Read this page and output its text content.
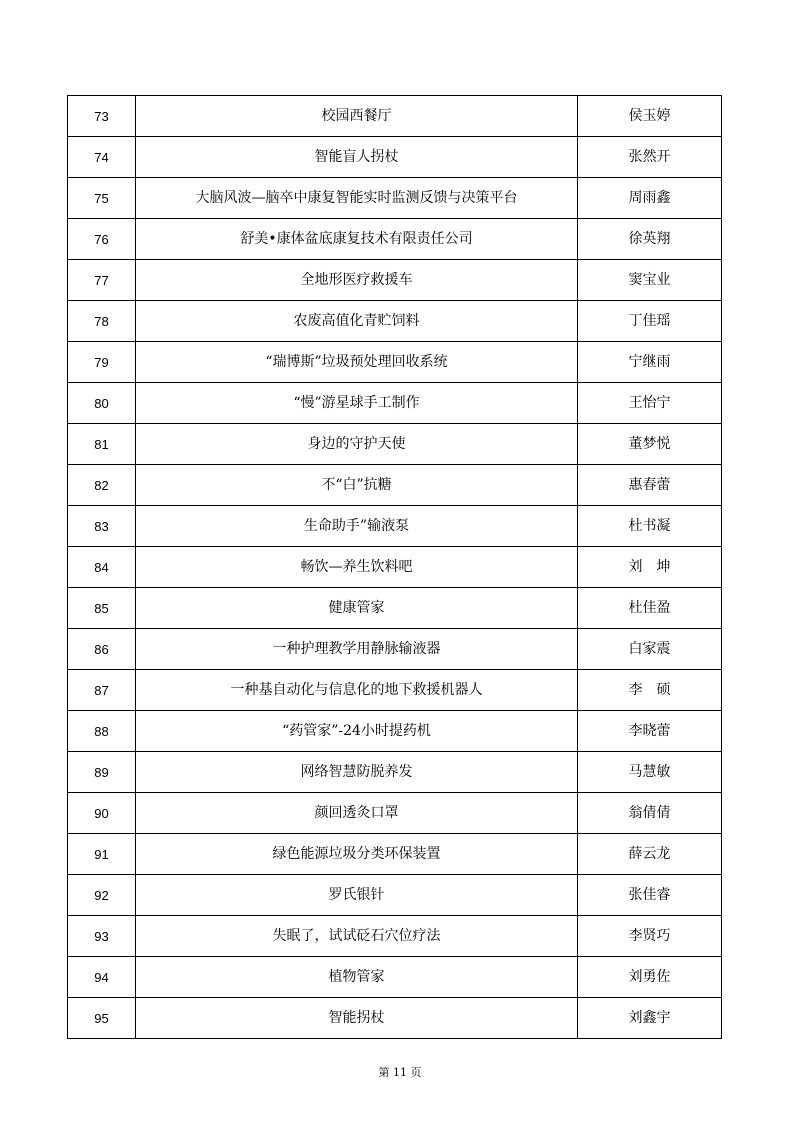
73	校园西餐厅	侯玉婷
74	智能盲人拐杖	张然开
75	大脑风波—脑卒中康复智能实时监测反馈与决策平台	周雨鑫
76	舒美•康体盆底康复技术有限责任公司	徐英翔
77	全地形医疗救援车	窦宝业
78	农废高值化青贮饲料	丁佳瑶
79	“瑞博斯”垃圾预处理回收系统	宁继雨
80	“慢”游星球手工制作	王怡宁
81	身边的守护天使	董梦悦
82	不“白”抗糖	惠春蕾
83	生命助手”输液泵	杜书凝
84	畅饮—养生饮料吧	刘　坤
85	健康管家	杜佳盈
86	一种护理教学用静脉输液器	白家震
87	一种基自动化与信息化的地下救援机器人	李　硕
88	“药管家”-24小时提药机	李晓蕾
89	网络智慧防脱养发	马慧敏
90	颜回透灸口罩	翁倩倩
91	绿色能源垃圾分类环保装置	薛云龙
92	罗氏银针	张佳睿
93	失眠了，试试砭石穴位疗法	李贤巧
94	植物管家	刘勇佐
95	智能拐杖	刘鑫宇
第 11 页
